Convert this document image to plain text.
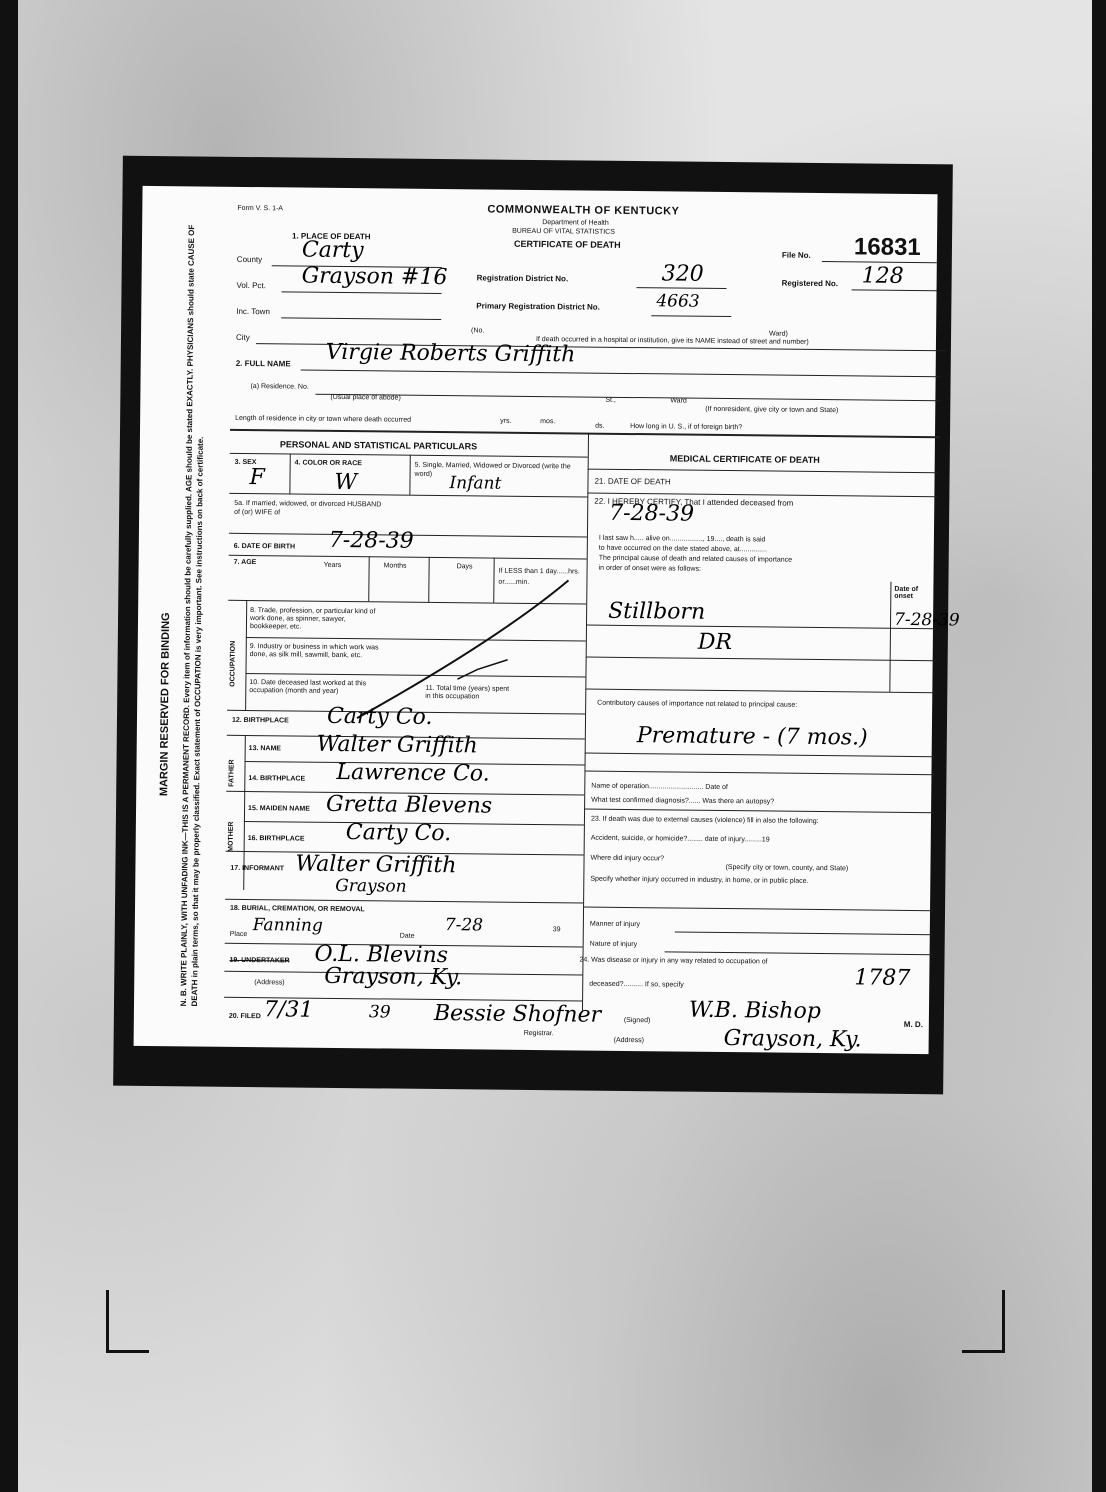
MARGIN RESERVED FOR BINDING N. B. WRITE PLAINLY, WITH UNFADING INK—THIS IS A PERMANENT RECORD. Every item of information should be carefully supplied. AGE should be stated EXACTLY. PHYSICIANS should state CAUSE OF DEATH in plain terms, so that it may be properly classified. Exact statement of OCCUPATION is very important. See instructions on back of certificate.
Form V. S. 1-A
1. PLACE OF DEATH
County Carty
Vol. Pct. Grayson #16
Inc. Town
City
(No.	Ward)
If death occurred in a hospital or institution, give its NAME instead of street and number)
COMMONWEALTH OF KENTUCKY
Department of Health
BUREAU OF VITAL STATISTICS
CERTIFICATE OF DEATH
Registration District No.	320
Primary Registration District No.	4663
File No. 16831
Registered No. 128
2. FULL NAME Virgie Roberts Griffith
(a) Residence. No.
(Usual place of abode)	St.,	Ward
(If nonresident, give city or town and State)
Length of residence in city or town where death occurred	yrs.	mos.
ds.	How long in U. S., if of foreign birth?
PERSONAL AND STATISTICAL PARTICULARS
3. SEX
F
4. COLOR OR RACE
W
5. Single, Married, Widowed or Divorced (write the word)	Infant
5a. If married, widowed, or divorced HUSBAND of (or) WIFE of
6. DATE OF BIRTH 7-28-39
7. AGE	Years	Months	Days
If LESS than 1 day......hrs. or......min.
OCCUPATION
8. Trade, profession, or particular kind of work done, as spinner, sawyer, bookkeeper, etc.
9. Industry or business in which work was done, as silk mill, sawmill, bank, etc.
10. Date deceased last worked at this occupation (month and year)	11. Total time (years) spent in this occupation
12. BIRTHPLACE Carty Co.
FATHER
13. NAME Walter Griffith
14. BIRTHPLACE Lawrence Co.
MOTHER
15. MAIDEN NAME Gretta Blevens
16. BIRTHPLACE Carty Co.
17. INFORMANT Walter Griffith
Grayson
18. BURIAL, CREMATION, OR REMOVAL
Place Fanning
Date
7-28	39
19. UNDERTAKER O.L. Blevins
(Address) Grayson, Ky.
20. FILED 7/31	39 Bessie Shofner
Registrar.
MEDICAL CERTIFICATE OF DEATH
21. DATE OF DEATH
22. I HEREBY CERTIFY, That I attended deceased from
7-28-39
I last saw h..... alive on................., 19...., death is said
to have occurred on the date stated above, at..............
The principal cause of death and related causes of importance
in order of onset were as follows:
Date of onset
Stillborn	7-28-39
DR
Contributory causes of importance not related to principal cause:
Premature - (7 mos.)
Name of operation............................ Date of
What test confirmed diagnosis?...... Was there an autopsy?
23. If death was due to external causes (violence) fill in also the following:
Accident, suicide, or homicide?........ date of injury.........19
Where did injury occur?
(Specify city or town, county, and State)
Specify whether injury occurred in industry, in home, or in public place.
Manner of injury
Nature of injury
24. Was disease or injury in any way related to occupation of
deceased?.......... If so, specify	1787
(Signed) W.B. Bishop
M. D.
(Address)	Grayson, Ky.
